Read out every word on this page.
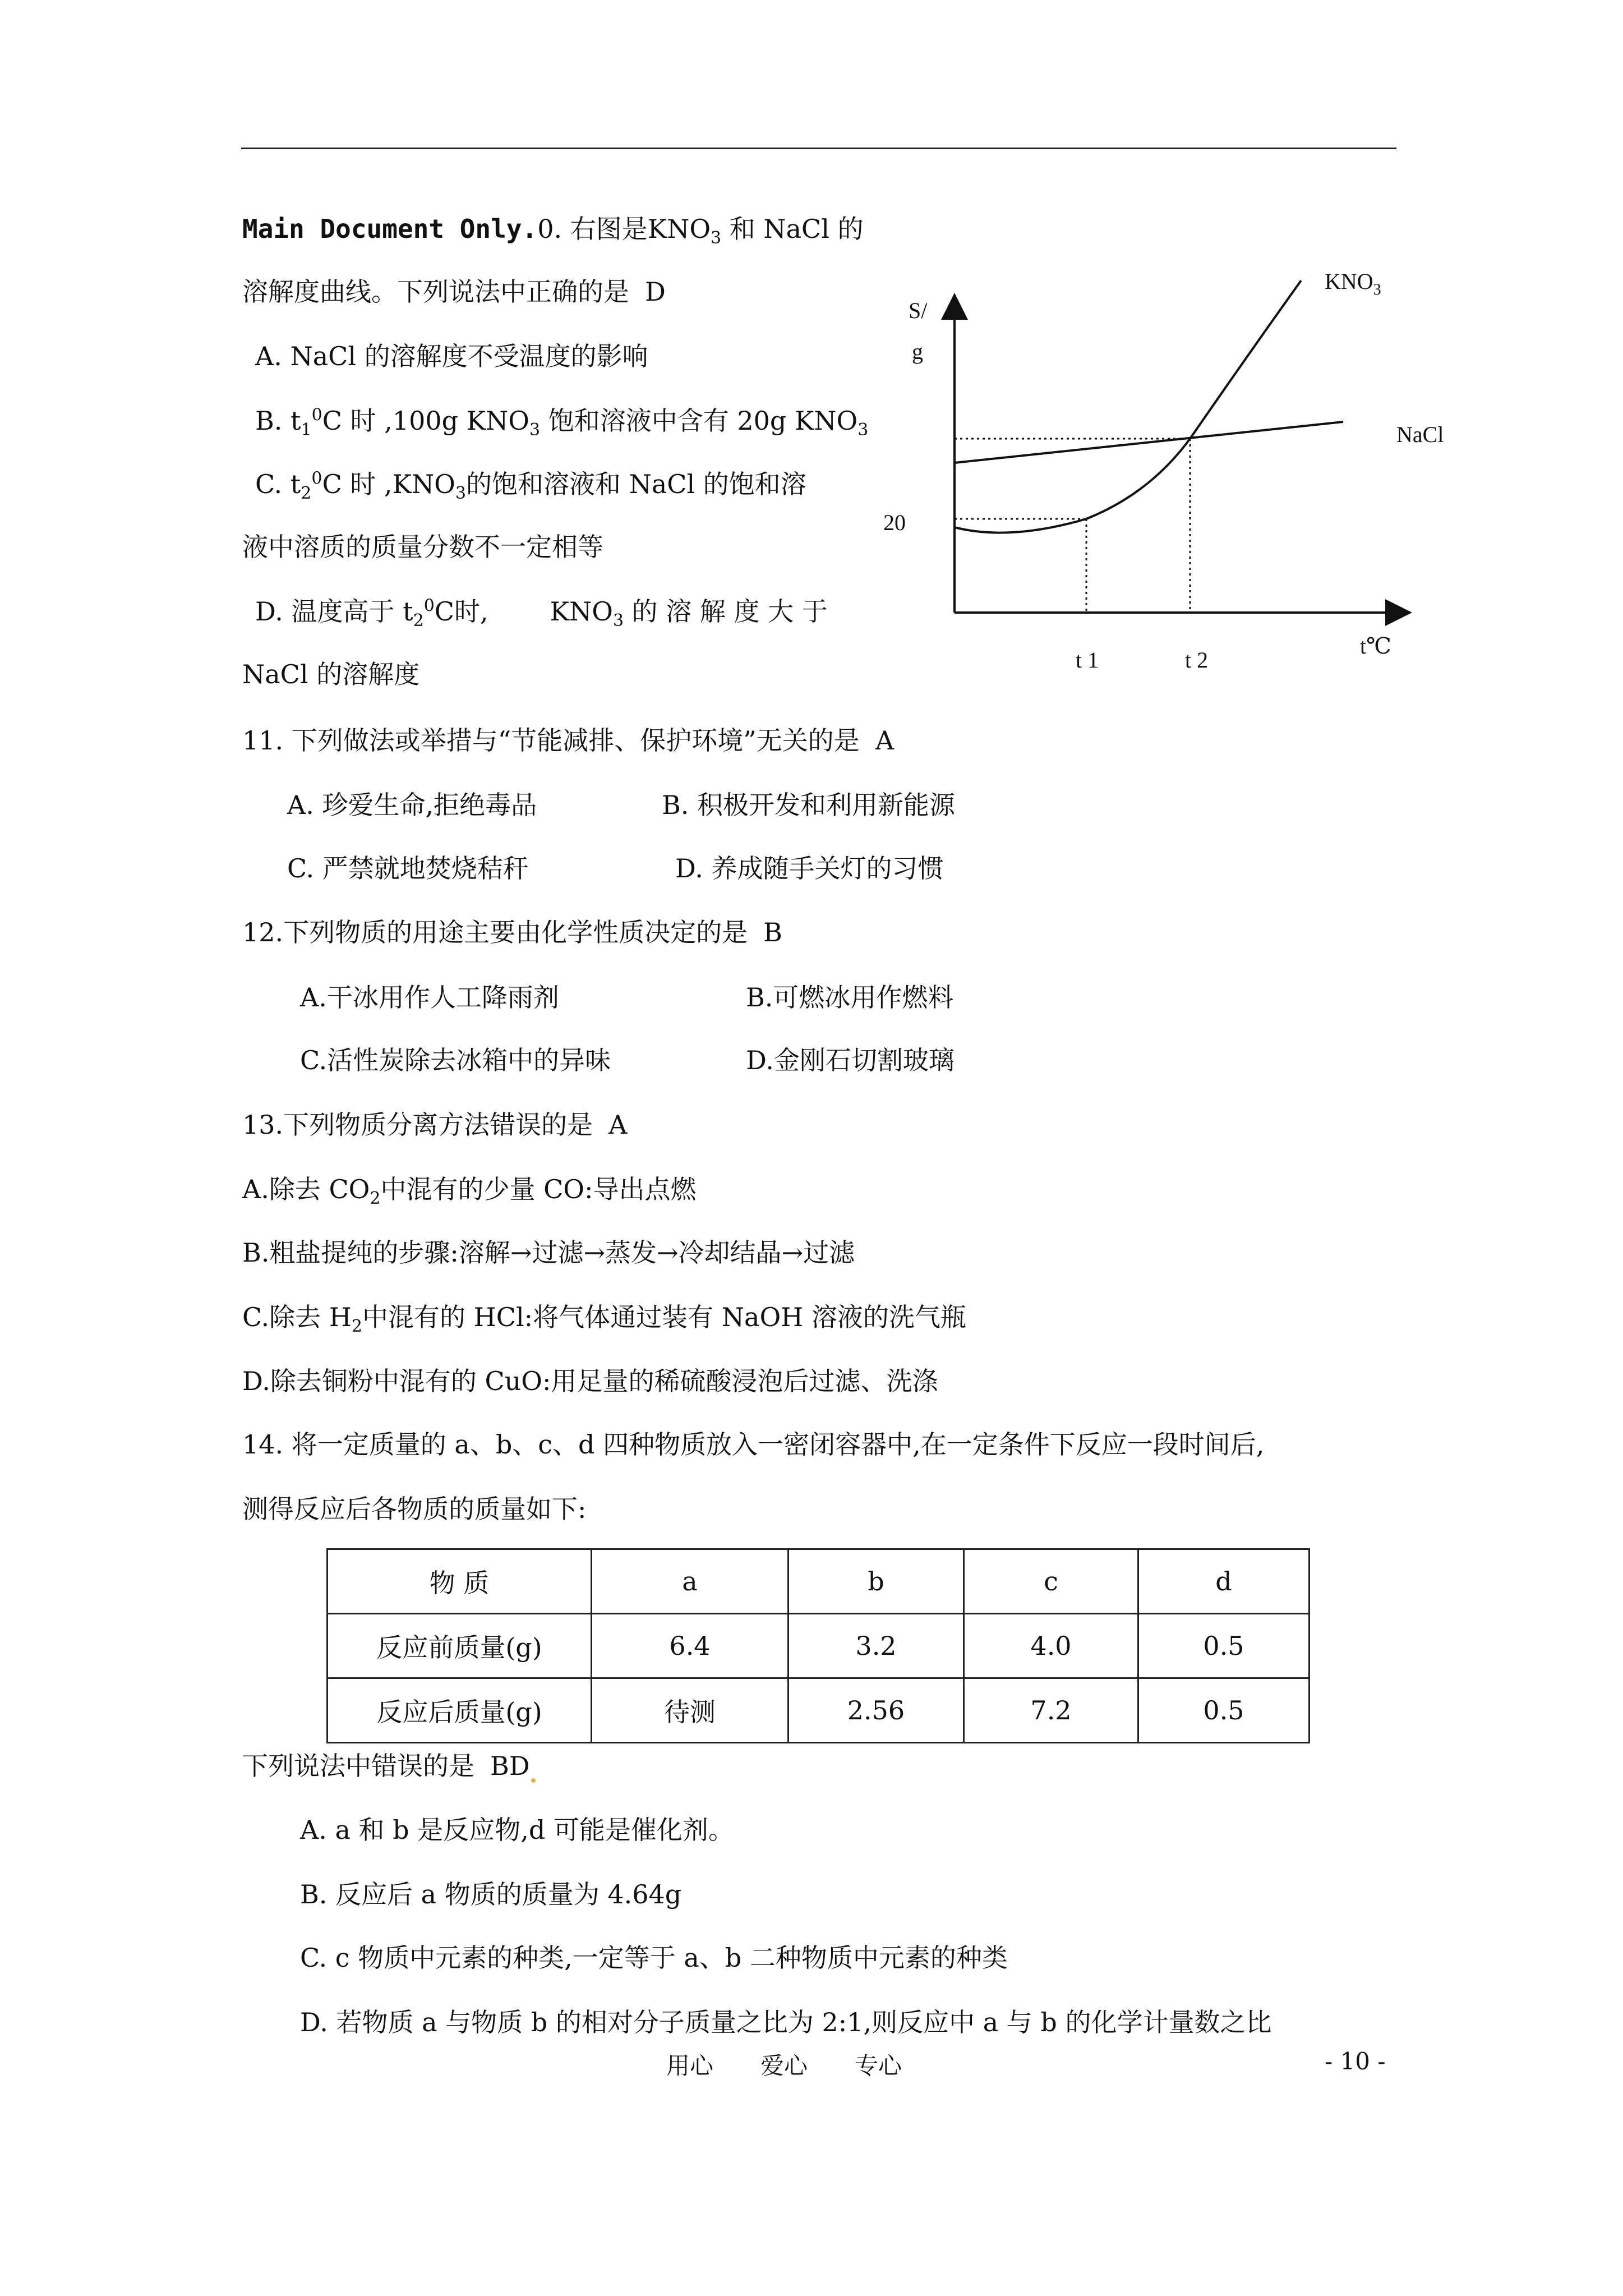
Main Document Only.0. 右图是$KNO_3$ 和 NaCl 的
溶解度曲线。下列说法中正确的是 D
A. NaCl 的溶解度不受温度的影响
B. $t_1^0C$ 时 ,100g $KNO_3$ 饱和溶液中含有 20g $KNO_3$
C. $t_2^0C$ 时 $,KNO_3$的饱和溶液和 NaCl 的饱和溶
液中溶质的质量分数不一定相等
D. 温度高于 $t_2^0C$时, $KNO_3$ 的 溶 解 度 大 于
NaCl 的溶解度
S/
g
t℃
20
t 1	t 2
$KNO_3$
NaCl
11. 下列做法或举措与“节能减排、保护环境”无关的是 A
A. 珍爱生命,拒绝毒品	B. 积极开发和利用新能源
C. 严禁就地焚烧秸秆	D. 养成随手关灯的习惯
12.下列物质的用途主要由化学性质决定的是 B
A.干冰用作人工降雨剂	B.可燃冰用作燃料
C.活性炭除去冰箱中的异味	D.金刚石切割玻璃
13.下列物质分离方法错误的是 A
A.除去 $CO_2$中混有的少量 CO:导出点燃
B.粗盐提纯的步骤:溶解→过滤→蒸发→冷却结晶→过滤
C.除去 $H_2$中混有的 HCl:将气体通过装有 NaOH 溶液的洗气瓶
D.除去铜粉中混有的 CuO:用足量的稀硫酸浸泡后过滤、洗涤
14. 将一定质量的 a、b、c、d 四种物质放入一密闭容器中,在一定条件下反应一段时间后,
测得反应后各物质的质量如下:
物 质	a	b	c	d
反应前质量(g)	6.4	3.2	4.0	0.5
反应后质量(g)	待测	2.56	7.2	0.5
下列说法中错误的是 BD
A. a 和 b 是反应物,d 可能是催化剂。
B. 反应后 a 物质的质量为 4.64g
C. c 物质中元素的种类,一定等于 a、b 二种物质中元素的种类
D. 若物质 a 与物质 b 的相对分子质量之比为 2:1,则反应中 a 与 b 的化学计量数之比
用心　　爱心　　专心	- 10 -
